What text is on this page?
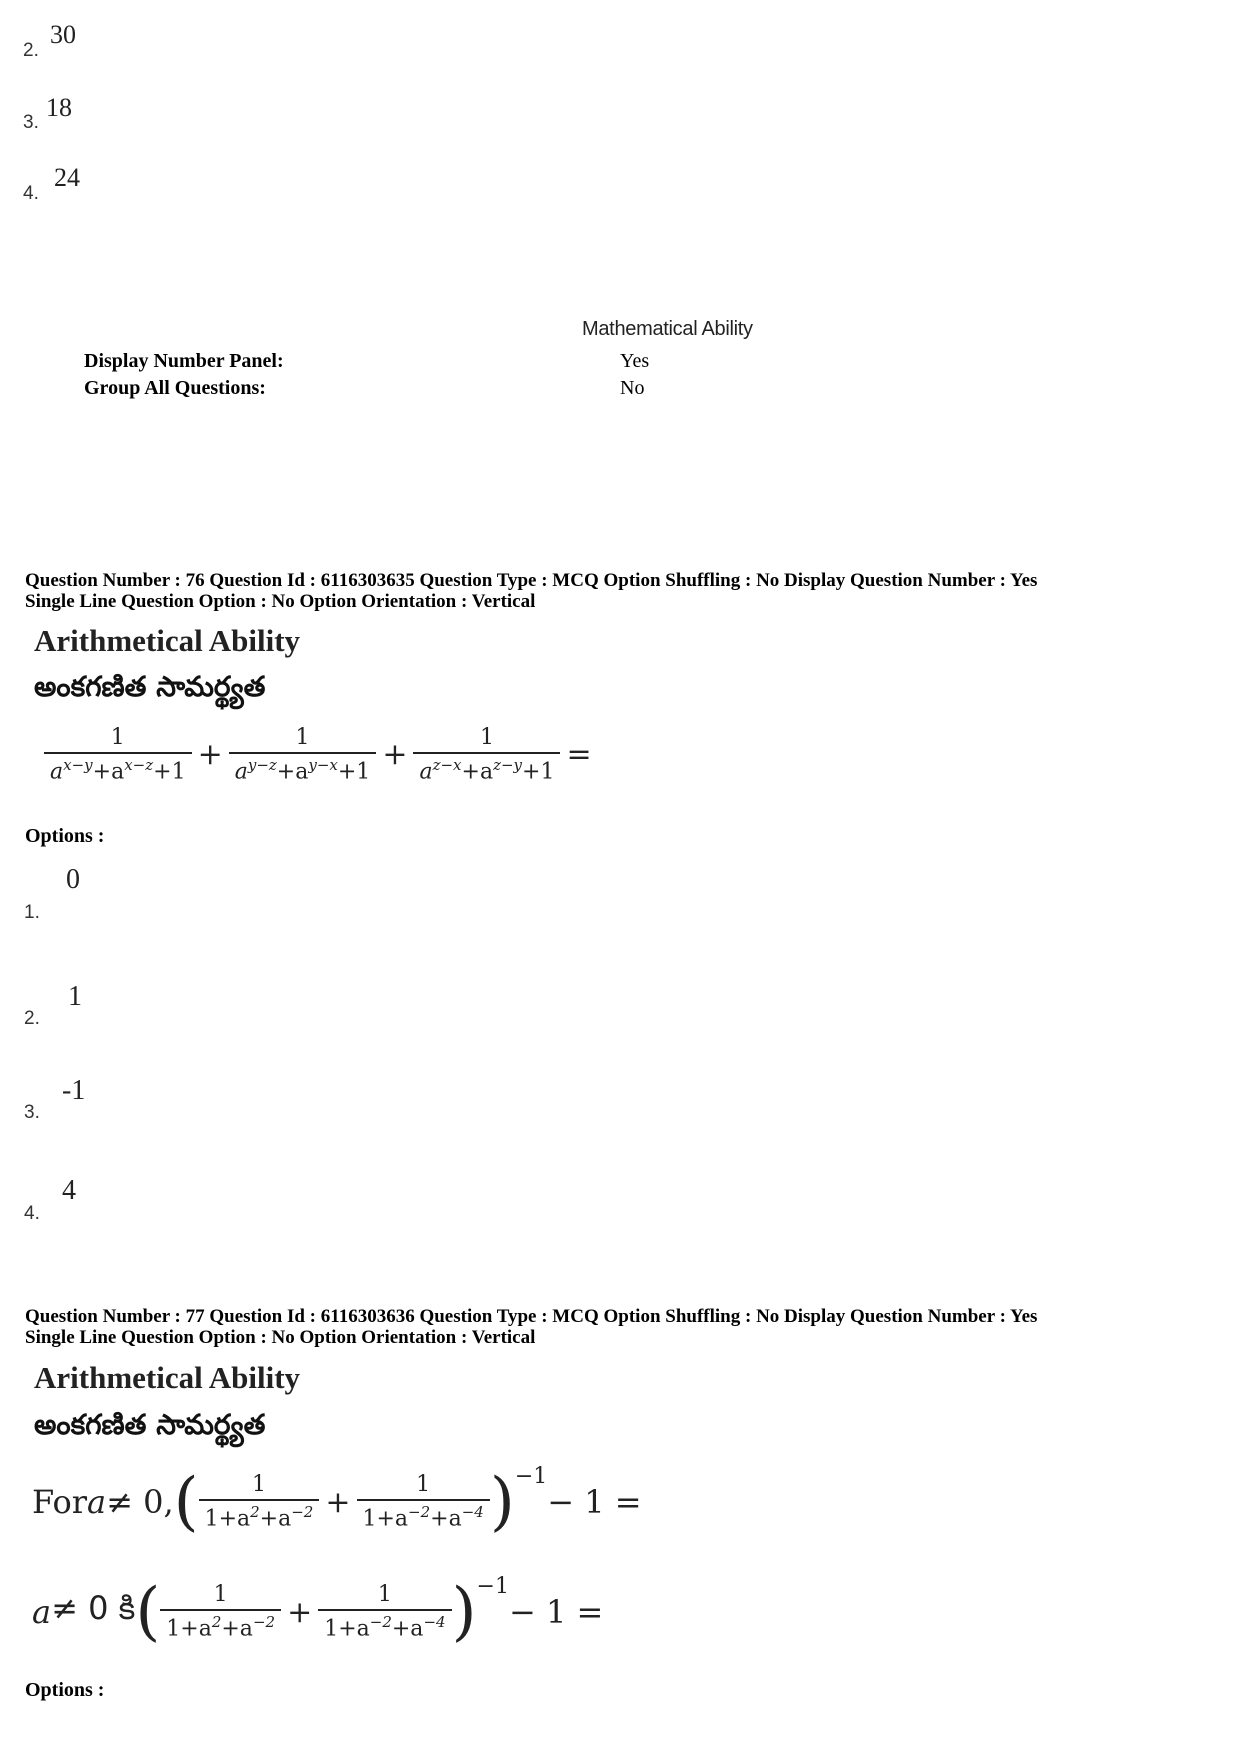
2.
30
3.
18
4.
24
Mathematical Ability
Display Number Panel:	Yes
Group All Questions:	No
Question Number : 76 Question Id : 6116303635 Question Type : MCQ Option Shuffling : No Display Question Number : Yes
Single Line Question Option : No Option Orientation : Vertical
Arithmetical Ability
అంకగణిత సామర్థ్యత
$\frac{1}{a^{x-y}+a^{x-z}+1} + \frac{1}{a^{y-z}+a^{y-x}+1} + \frac{1}{a^{z-x}+a^{z-y}+1}$ =
Options :
0
1.
1
2.
-1
3.
4
4.
Question Number : 77 Question Id : 6116303636 Question Type : MCQ Option Shuffling : No Display Question Number : Yes
Single Line Question Option : No Option Orientation : Vertical
Arithmetical Ability
అంకగణిత సామర్థ్యత
For a ≠ 0, ( $\frac{1}{1+a^2+a^{-2}} + \frac{1}{1+a^{-2}+a^{-4}}$ ) −1
− 1 =
a ≠ 0 కి ( $\frac{1}{1+a^2+a^{-2}} + \frac{1}{1+a^{-2}+a^{-4}}$ ) −1
− 1 =
Options :
